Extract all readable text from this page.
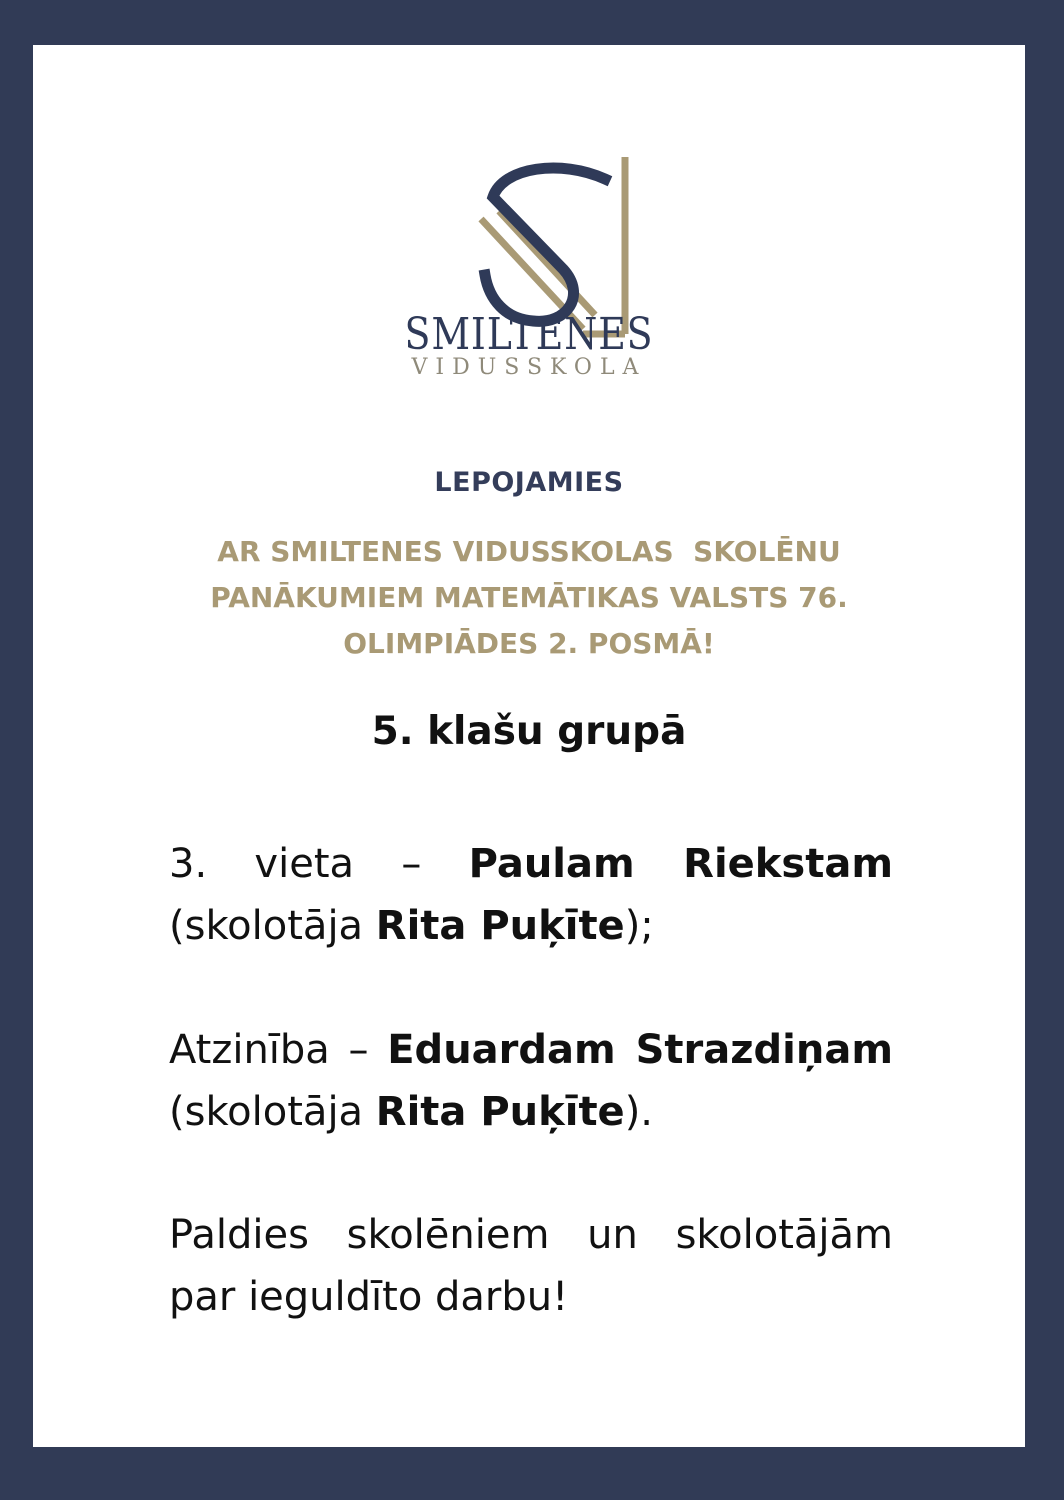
SMILTENES
VIDUSSKOLA
LEPOJAMIES
AR SMILTENES VIDUSSKOLAS  SKOLĒNU
PANĀKUMIEM MATEMĀTIKAS VALSTS 76.
OLIMPIĀDES 2. POSMĀ!
5. klašu grupā
3. vieta – Paulam Riekstam (skolotāja Rita Puķīte);
Atzinība – Eduardam Strazdiņam (skolotāja Rita Puķīte).
Paldies skolēniem un skolotājām par ieguldīto darbu!
